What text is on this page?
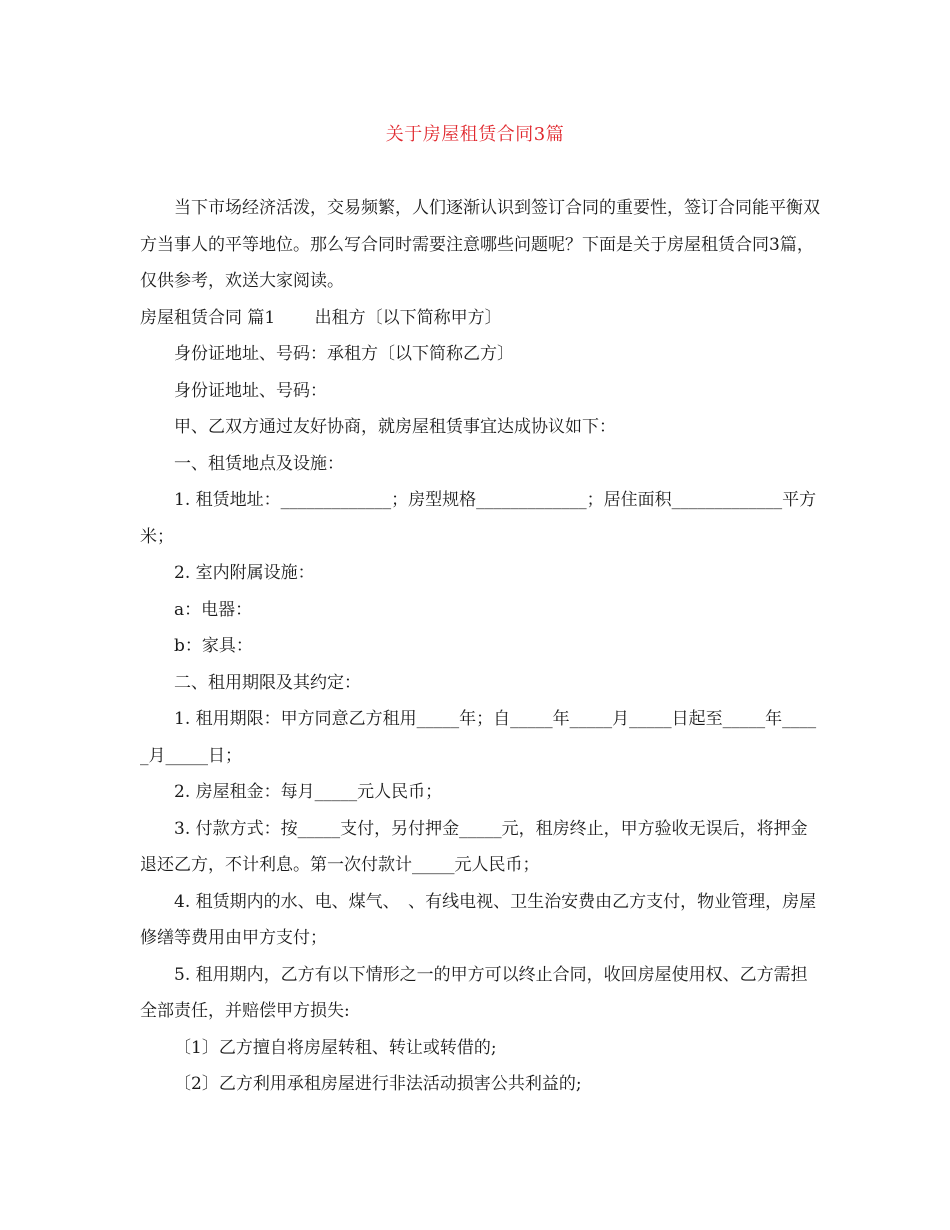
关于房屋租赁合同3篇

当下市场经济活泼，交易频繁，人们逐渐认识到签订合同的重要性，签订合同能平衡双方当事人的平等地位。那么写合同时需要注意哪些问题呢？下面是关于房屋租赁合同3篇，仅供参考，欢送大家阅读。

房屋租赁合同 篇1　　 出租方〔以下简称甲方〕

身份证地址、号码：承租方〔以下简称乙方〕

身份证地址、号码：

甲、乙双方通过友好协商，就房屋租赁事宜达成协议如下：

一、租赁地点及设施：

1. 租赁地址：_____________；房型规格_____________；居住面积_____________平方米；

2. 室内附属设施：

a：电器：

b：家具：

二、租用期限及其约定：

1. 租用期限：甲方同意乙方租用_____年；自_____年_____月_____日起至_____年_____月_____日；

2. 房屋租金：每月_____元人民币；

3. 付款方式：按_____支付，另付押金_____元，租房终止，甲方验收无误后，将押金退还乙方，不计利息。第一次付款计_____元人民币；

4. 租赁期内的水、电、煤气、　、有线电视、卫生治安费由乙方支付，物业管理，房屋修缮等费用由甲方支付；

5. 租用期内，乙方有以下情形之一的甲方可以终止合同，收回房屋使用权、乙方需担全部责任，并赔偿甲方损失:

〔1〕乙方擅自将房屋转租、转让或转借的;

〔2〕乙方利用承租房屋进行非法活动损害公共利益的;
